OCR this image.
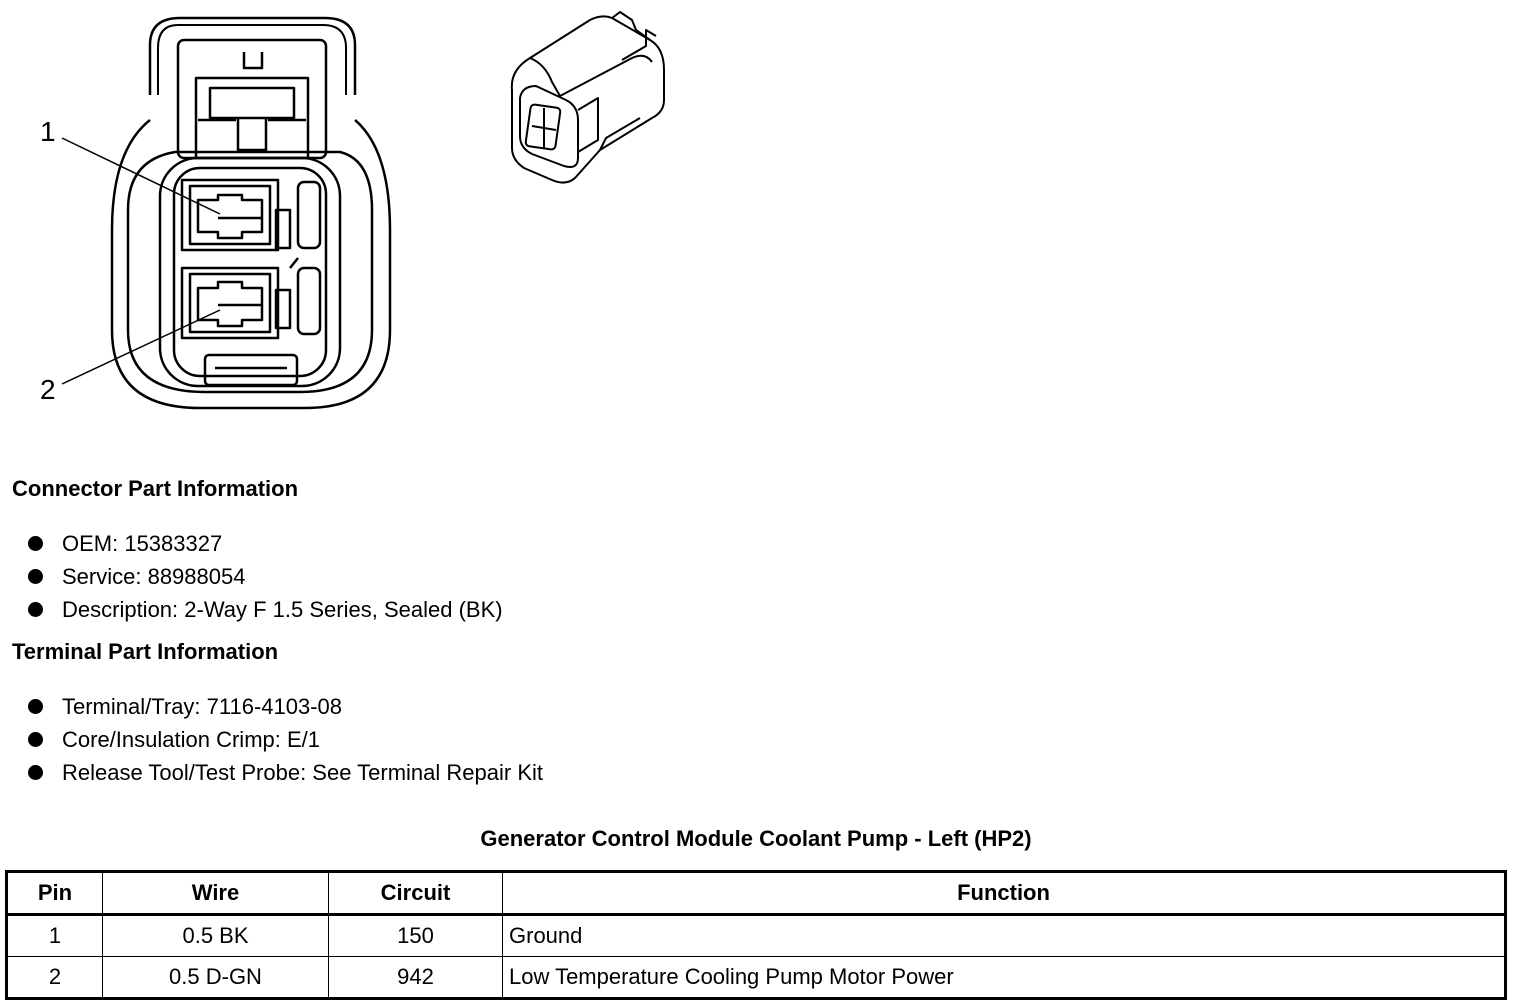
1
2
Connector Part Information
OEM: 15383327
Service: 88988054
Description: 2-Way F 1.5 Series, Sealed (BK)
Terminal Part Information
Terminal/Tray: 7116-4103-08
Core/Insulation Crimp: E/1
Release Tool/Test Probe: See Terminal Repair Kit
Generator Control Module Coolant Pump - Left (HP2)
Pin	Wire	Circuit	Function
1	0.5 BK	150	Ground
2	0.5 D-GN	942	Low Temperature Cooling Pump Motor Power
